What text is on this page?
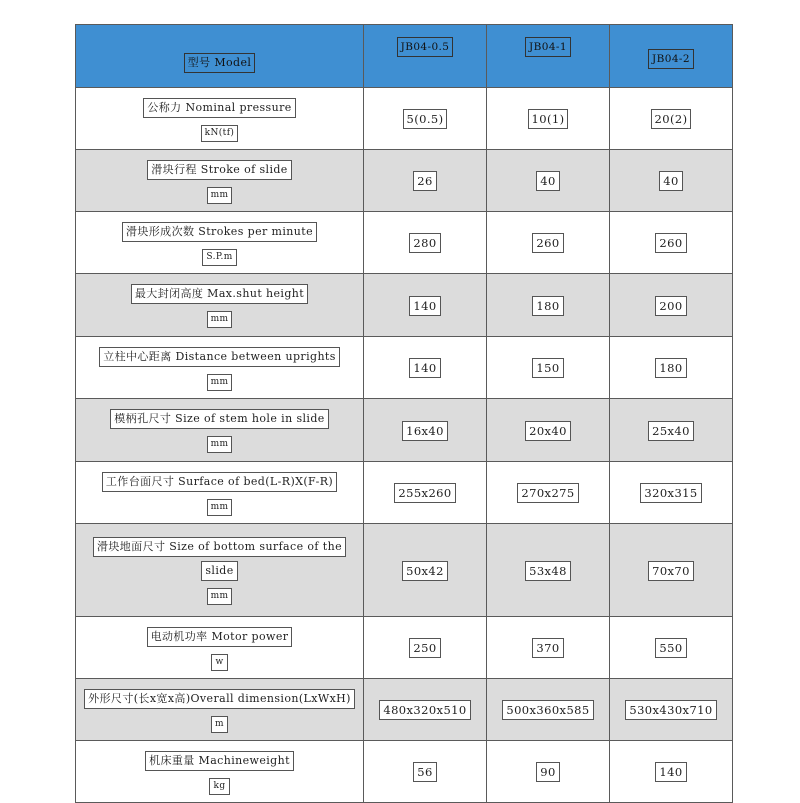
型号 Model	JB04-0.5	JB04-1	JB04-2

公称力 Nominal pressure
kN(tf)	5(0.5)	10(1)	20(2)

滑块行程 Stroke of slide
mm	26	40	40

滑块形成次数 Strokes per minute
S.P.m	280	260	260

最大封闭高度 Max.shut height
mm	140	180	200

立柱中心距离 Distance between uprights
mm	140	150	180

模柄孔尺寸 Size of stem hole in slide
mm	16x40	20x40	25x40

工作台面尺寸 Surface of bed(L-R)X(F-R)
mm	255x260	270x275	320x315

滑块地面尺寸 Size of bottom surface of the
slide
mm	50x42	53x48	70x70

电动机功率 Motor power
w	250	370	550

外形尺寸(长x宽x高)Overall dimension(LxWxH)
m	480x320x510	500x360x585	530x430x710

机床重量 Machineweight
kg	56	90	140
